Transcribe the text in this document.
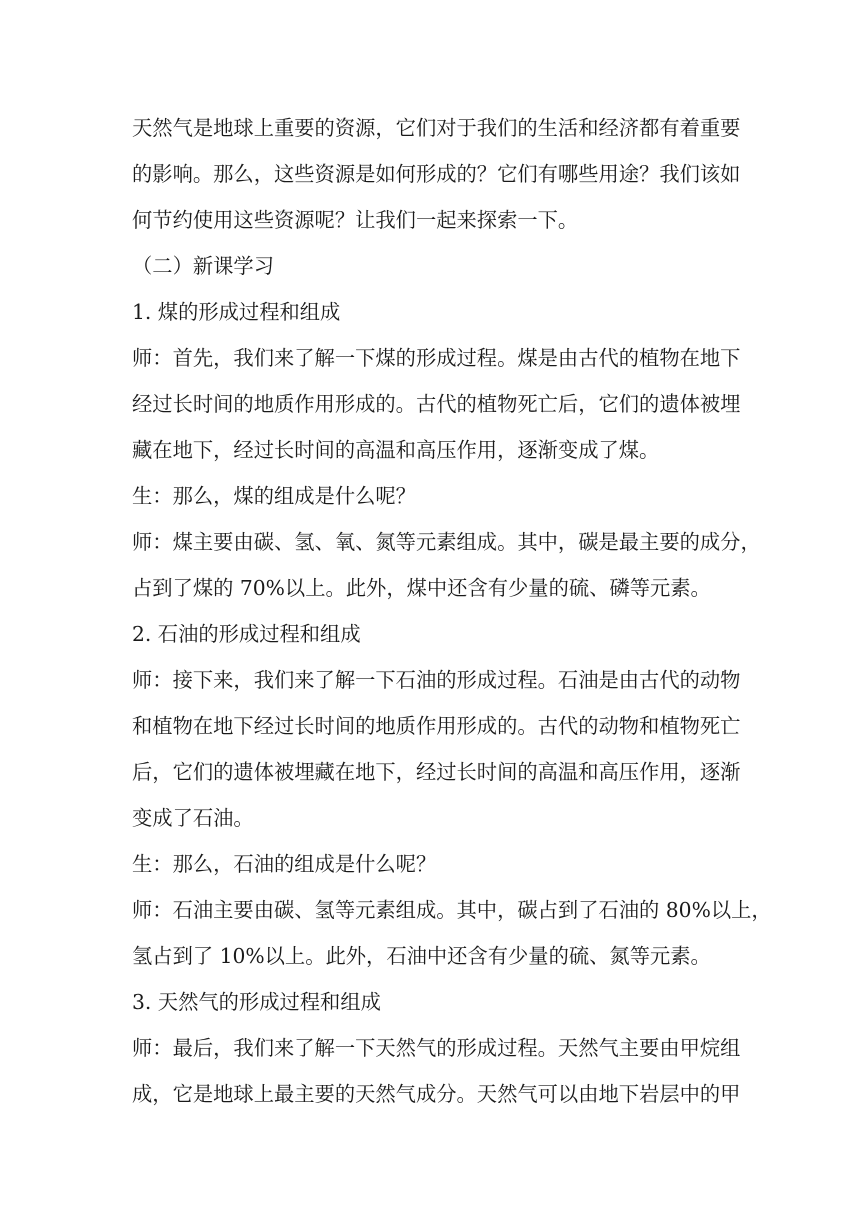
天然气是地球上重要的资源，它们对于我们的生活和经济都有着重要
的影响。那么，这些资源是如何形成的？它们有哪些用途？我们该如
何节约使用这些资源呢？让我们一起来探索一下。
（二）新课学习
1. 煤的形成过程和组成
师：首先，我们来了解一下煤的形成过程。煤是由古代的植物在地下
经过长时间的地质作用形成的。古代的植物死亡后，它们的遗体被埋
藏在地下，经过长时间的高温和高压作用，逐渐变成了煤。
生：那么，煤的组成是什么呢？
师：煤主要由碳、氢、氧、氮等元素组成。其中，碳是最主要的成分，
占到了煤的 70%以上。此外，煤中还含有少量的硫、磷等元素。
2. 石油的形成过程和组成
师：接下来，我们来了解一下石油的形成过程。石油是由古代的动物
和植物在地下经过长时间的地质作用形成的。古代的动物和植物死亡
后，它们的遗体被埋藏在地下，经过长时间的高温和高压作用，逐渐
变成了石油。
生：那么，石油的组成是什么呢？
师：石油主要由碳、氢等元素组成。其中，碳占到了石油的 80%以上，
氢占到了 10%以上。此外，石油中还含有少量的硫、氮等元素。
3. 天然气的形成过程和组成
师：最后，我们来了解一下天然气的形成过程。天然气主要由甲烷组
成，它是地球上最主要的天然气成分。天然气可以由地下岩层中的甲
